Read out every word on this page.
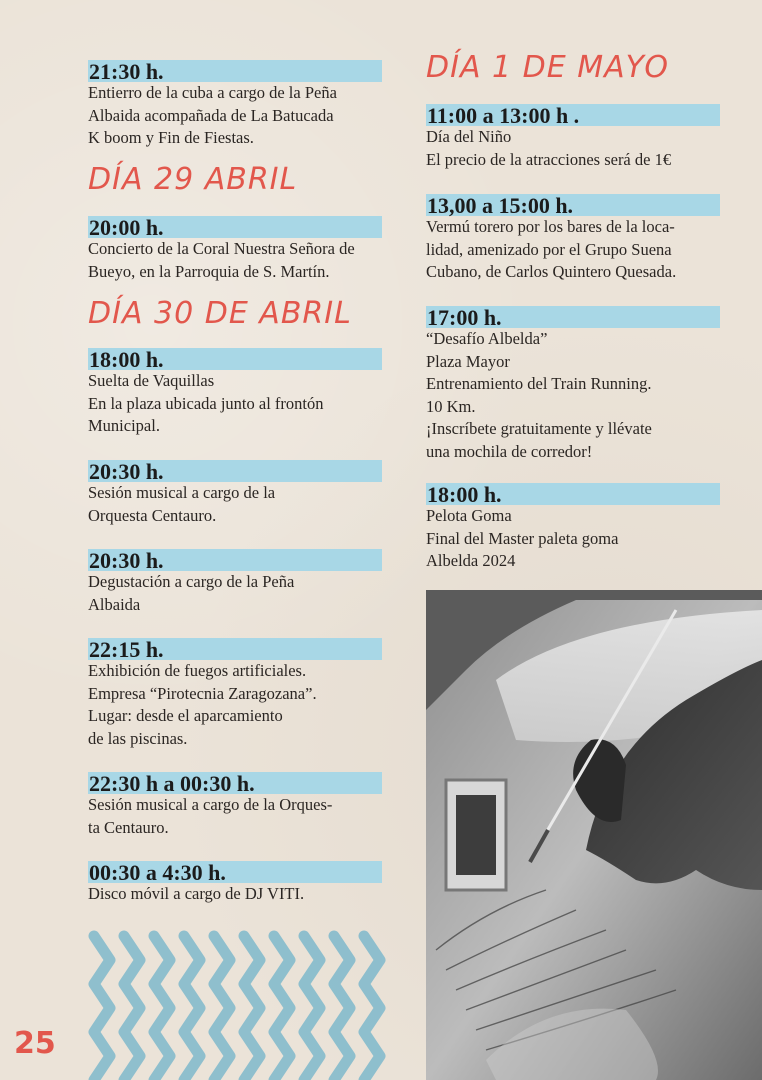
21:30 h.
Entierro de la cuba a cargo de la Peña
Albaida acompañada de La Batucada
K boom y Fin de Fiestas.
DÍA 29 ABRIL
20:00 h.
Concierto de la Coral Nuestra Señora de
Bueyo, en la Parroquia de S. Martín.
DÍA 30 DE ABRIL
18:00 h.
Suelta de Vaquillas
En la plaza ubicada junto al frontón
Municipal.
20:30 h.
Sesión musical a cargo de la
Orquesta Centauro.
20:30 h.
Degustación a cargo de la Peña
Albaida
22:15 h.
Exhibición de fuegos artificiales.
Empresa “Pirotecnia Zaragozana”.
Lugar: desde el aparcamiento
de las piscinas.
22:30 h a 00:30 h.
Sesión musical a cargo de la Orques-
ta Centauro.
00:30 a 4:30 h.
Disco móvil a cargo de DJ VITI.
DÍA 1 DE MAYO
11:00 a 13:00 h .
Día del Niño
El precio de la atracciones será de 1€
13,00 a 15:00 h.
Vermú torero por los bares de la loca-
lidad, amenizado por el Grupo Suena
Cubano, de Carlos Quintero Quesada.
17:00 h.
“Desafío Albelda”
Plaza Mayor
Entrenamiento del Train Running.
10 Km.
¡Inscríbete gratuitamente y llévate
una mochila de corredor!
18:00 h.
Pelota Goma
Final del Master paleta goma
Albelda 2024
25
